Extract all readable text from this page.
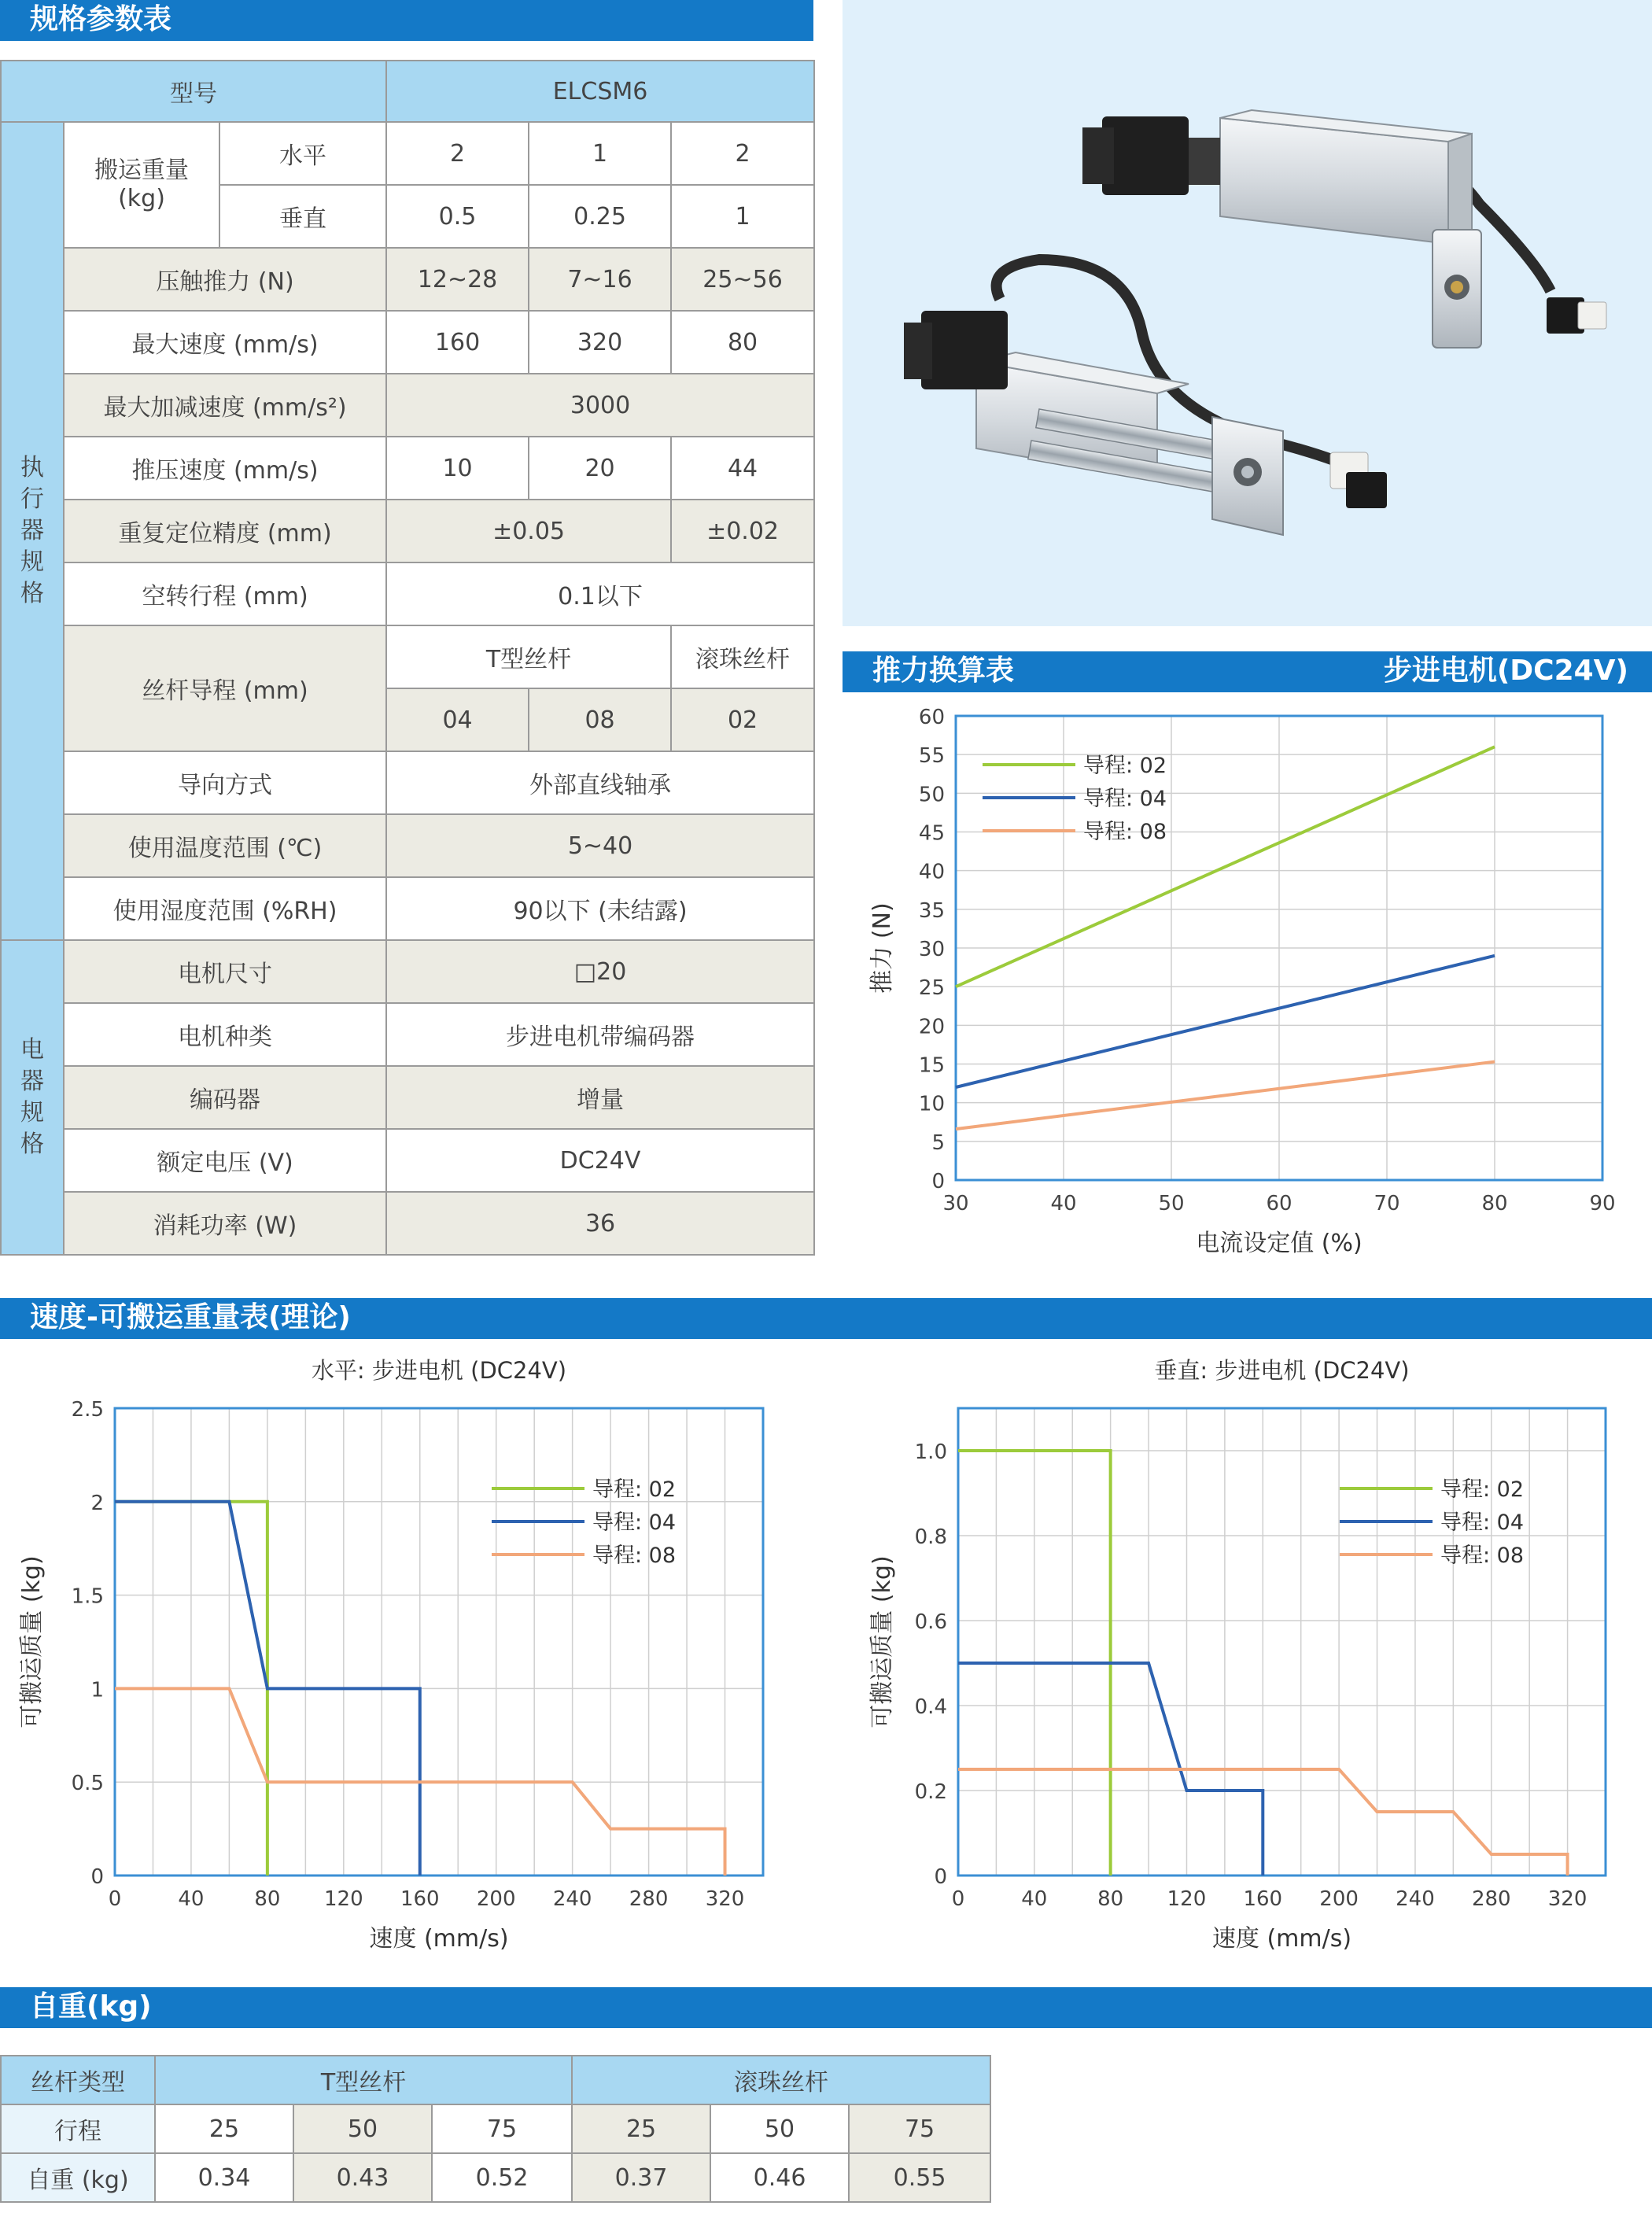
规格参数表
推力换算表	步进电机(DC24V)
速度-可搬运重量表(理论)
自重(kg)
型号			ELCSM6		

执行器规格	搬运重量(kg)	水平	2	1	2
		垂直	0.5	0.25	1
	压触推力 (N)		12~28	7~16	25~56
	最大速度 (mm/s)		160	320	80
	最大加减速度 (mm/s²)		3000		
	推压速度 (mm/s)		10	20	44
	重复定位精度 (mm)		±0.05		±0.02
	空转行程 (mm)		0.1以下		
	丝杆导程 (mm)		T型丝杆		滚珠丝杆
			04	08	02
	导向方式		外部直线轴承		
	使用温度范围 (℃)		5~40		
	使用湿度范围 (%RH)		90以下 (未结露)		

电器规格	电机尺寸		□20		
	电机种类		步进电机带编码器		
	编码器		增量		
	额定电压 (V)		DC24V		
	消耗功率 (W)		36		
0
5
10
15
20
25
30
35
40
45
50
55
60
30	40	50	60	70	80	90
导程: 02
导程: 04
导程: 08
电流设定值 (%)
推力 (N)
水平: 步进电机 (DC24V)
0
0.5
1
1.5
2
2.5
0	40 80 120 160 200 240 280 320
导程: 02
导程: 04
导程: 08
速度 (mm/s)
可搬运质量 (kg)
垂直: 步进电机 (DC24V)
0
0.2
0.4
0.6
0.8
1.0
0	40 80 120 160 200 240 280 320
导程: 02
导程: 04
导程: 08
速度 (mm/s)
可搬运质量 (kg)
丝杆类型	T型丝杆			滚珠丝杆		
行程	25	50	75	25	50	75
自重 (kg)	0.34	0.43	0.52	0.37	0.46	0.55
